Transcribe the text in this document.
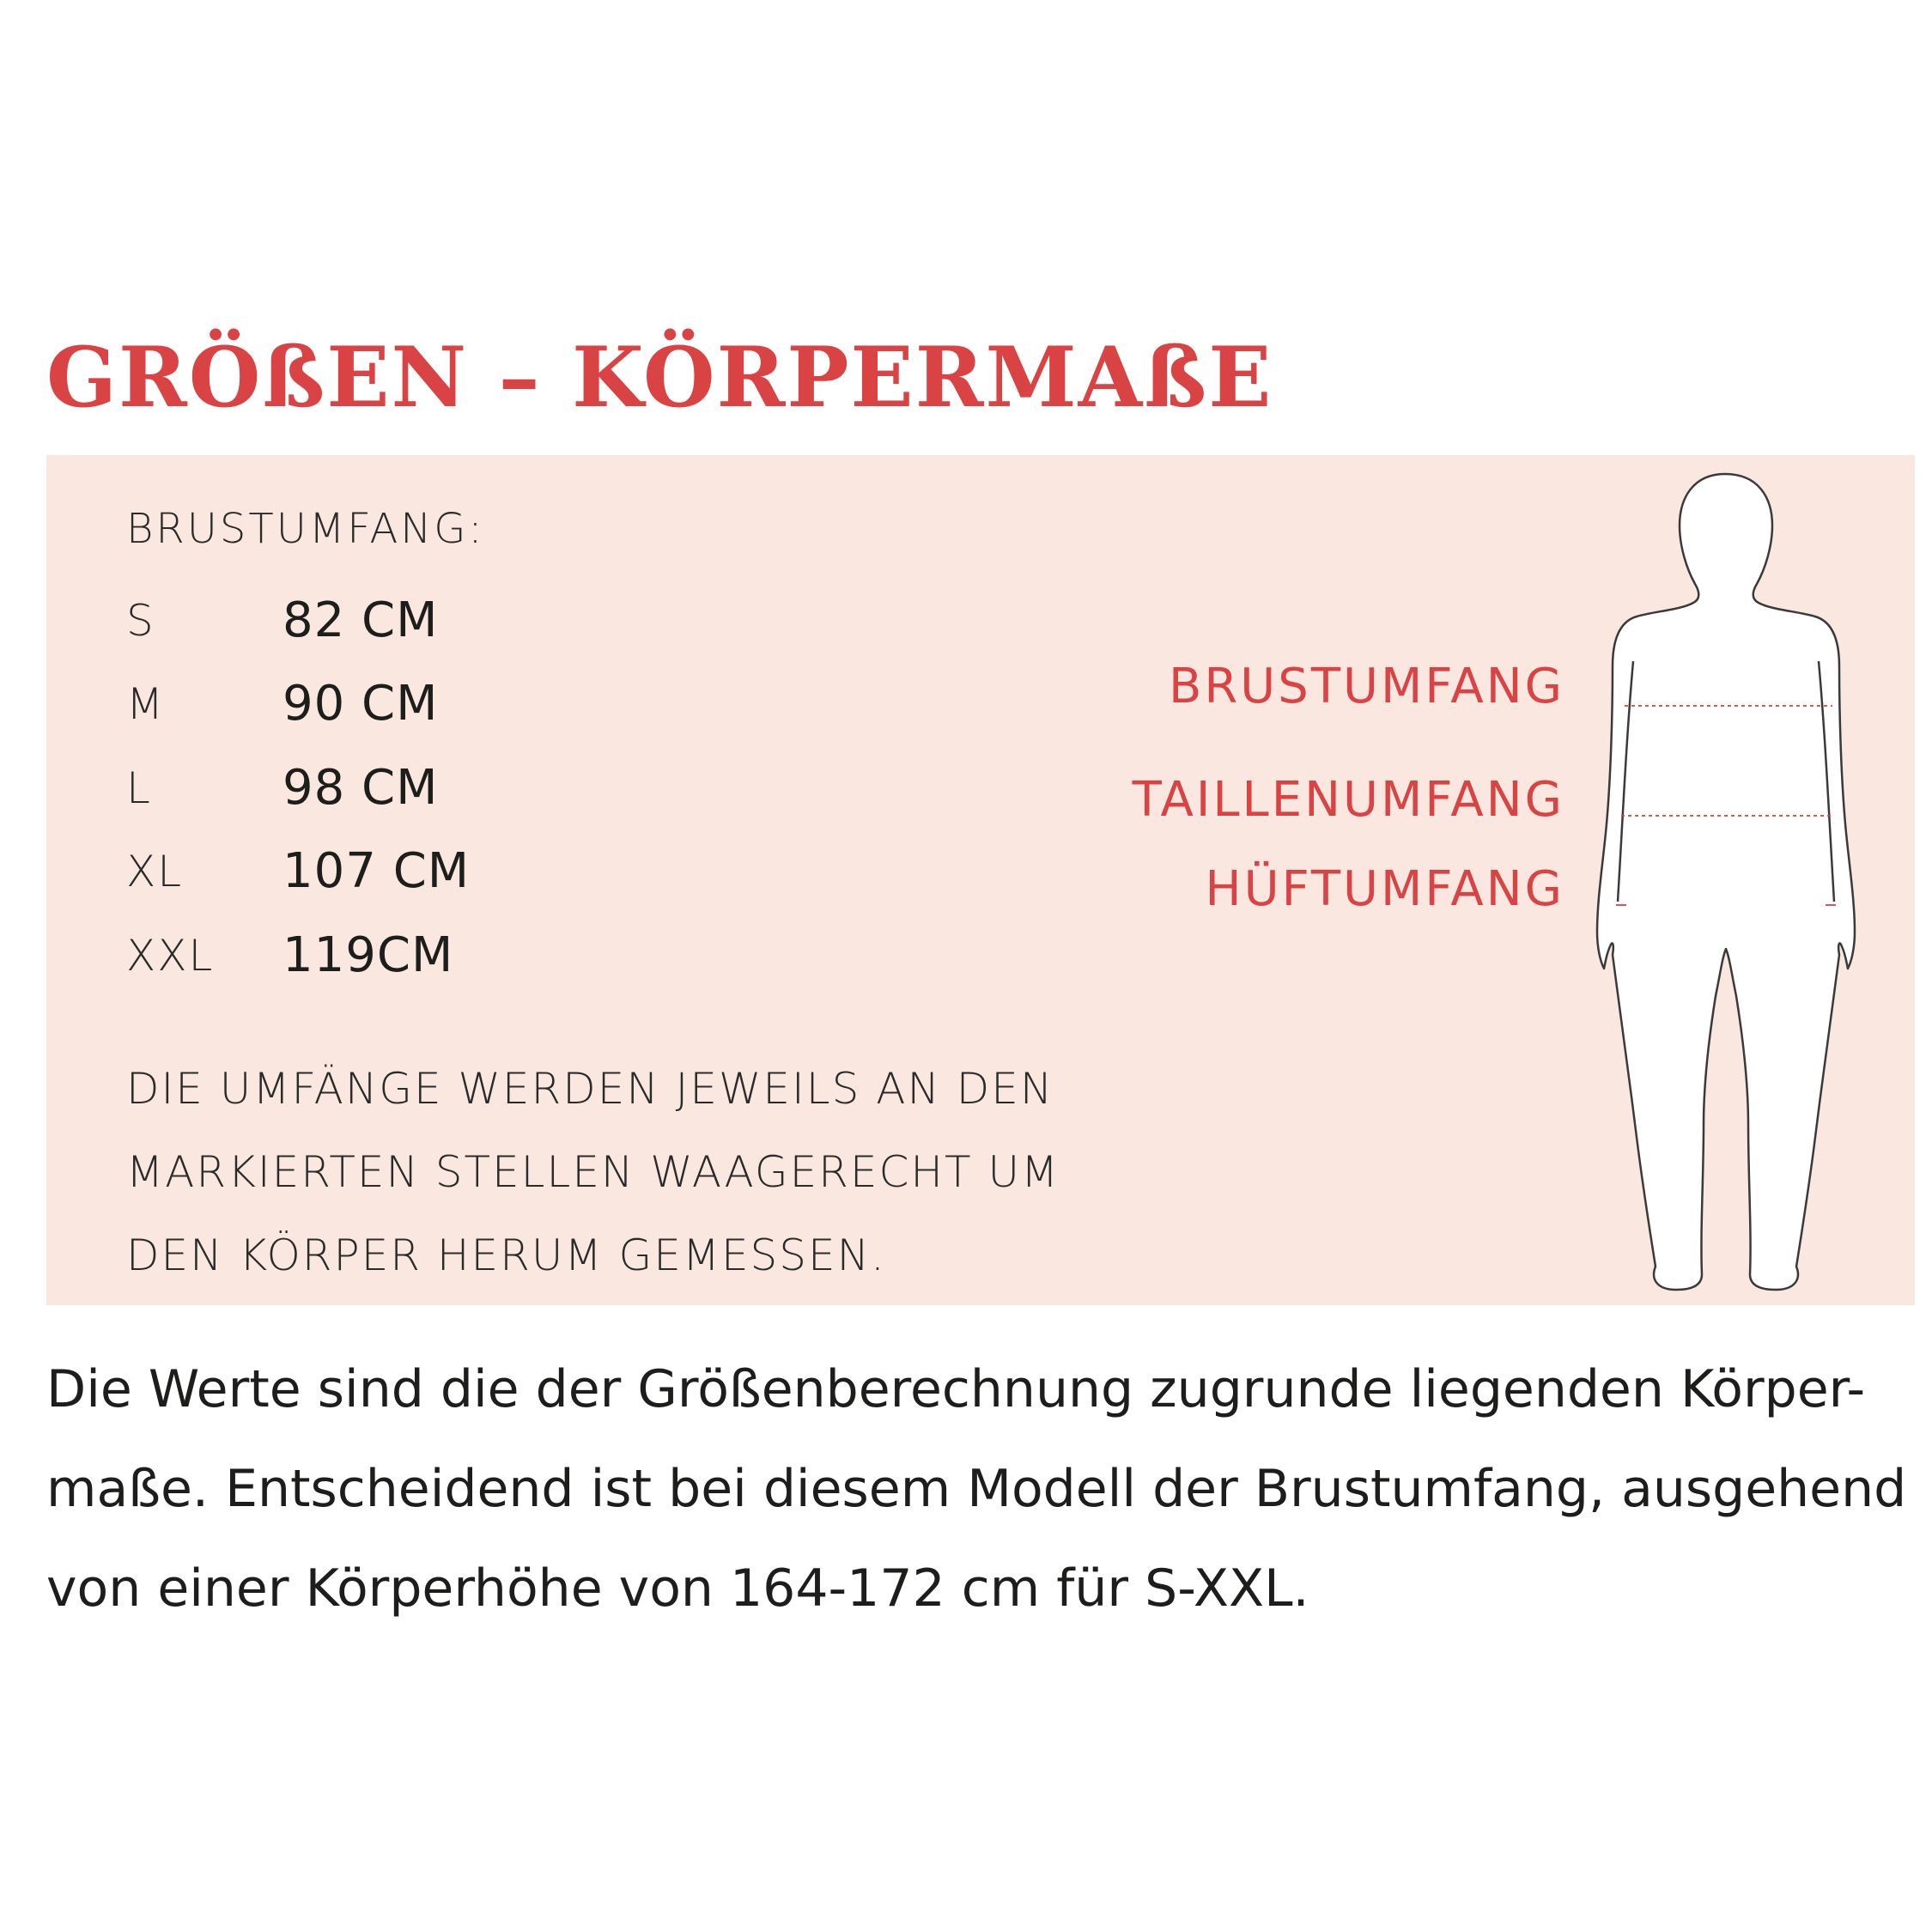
GRÖßEN – KÖRPERMAßE
BRUSTUMFANG:
S	82 CM
M	90 CM
L	98 CM
XL	107 CM
XXL	119CM
DIE UMFÄNGE WERDEN JEWEILS AN DEN
MARKIERTEN STELLEN WAAGERECHT UM
DEN KÖRPER HERUM GEMESSEN.
BRUSTUMFANG
TAILLENUMFANG
HÜFTUMFANG
Die Werte sind die der Größenberechnung zugrunde liegenden Körper-
maße. Entscheidend ist bei diesem Modell der Brustumfang, ausgehend
von einer Körperhöhe von 164-172 cm für S-XXL.
